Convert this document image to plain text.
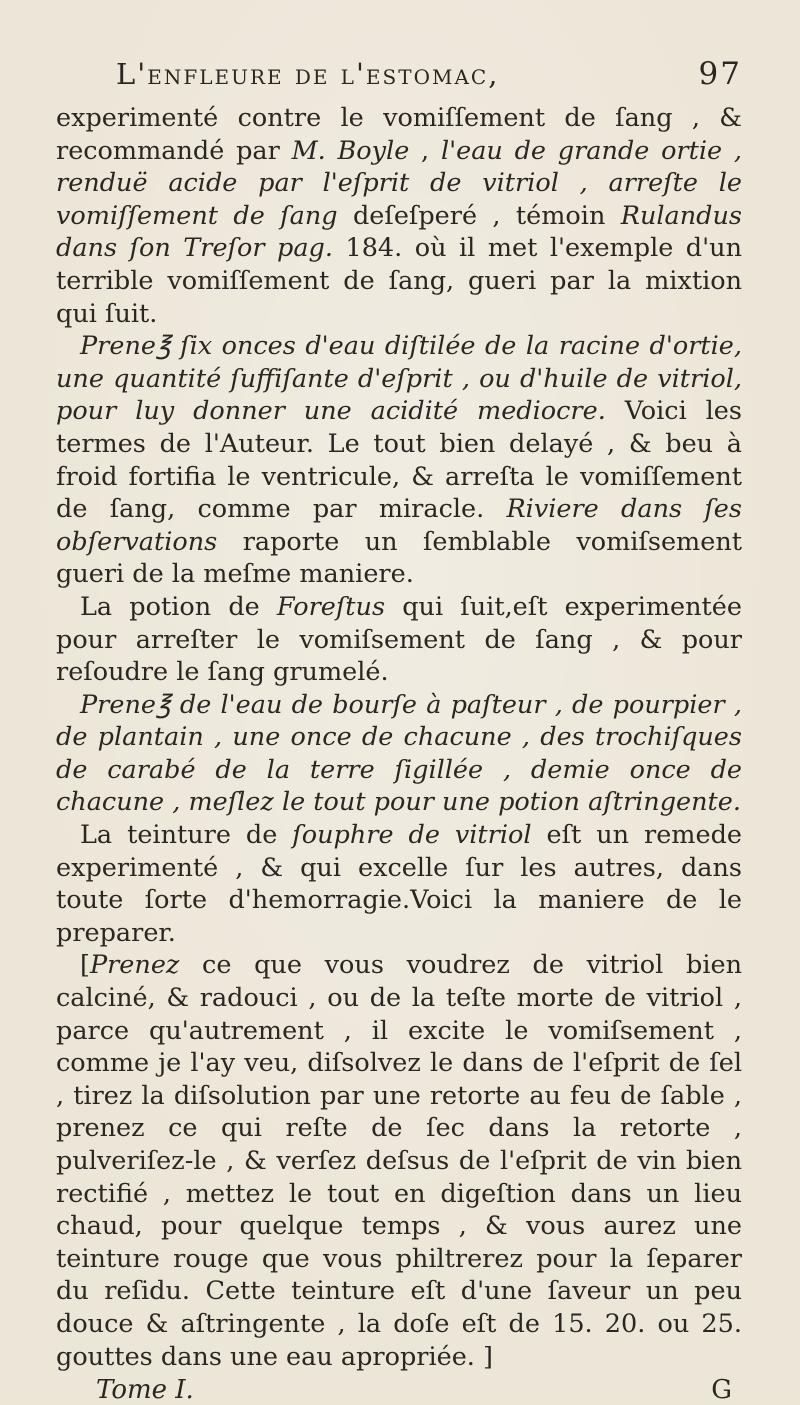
L'enfleure de l'estomac,	97

experimenté contre le vomiſſement de ſang , & recommandé par M. Boyle , l'eau de grande ortie , renduë acide par l'eſprit de vitriol , arreſte le vomiſſement de ſang deſeſperé , témoin Rulandus dans ſon Treſor pag. 184. où il met l'exemple d'un terrible vomiſſement de ſang, gueri par la mixtion qui ſuit.

Prene℥ ſix onces d'eau diſtilée de la racine d'ortie, une quantité ſuffiſante d'eſprit , ou d'huile de vitriol, pour luy donner une acidité mediocre. Voici les termes de l'Auteur. Le tout bien delayé , & beu à froid fortifia le ventricule, & arreſta le vomiſſement de ſang, comme par miracle. Riviere dans ſes obſervations raporte un ſemblable vomiſsement gueri de la meſme maniere.

La potion de Foreſtus qui ſuit,eſt experimentée pour arreſter le vomiſsement de ſang , & pour reſoudre le ſang grumelé.

Prene℥ de l'eau de bourſe à paſteur , de pourpier , de plantain , une once de chacune , des trochiſques de carabé de la terre ſigillée , demie once de chacune , meſlez le tout pour une potion aſtringente.

La teinture de ſouphre de vitriol eſt un remede experimenté , & qui excelle ſur les autres, dans toute ſorte d'hemorragie.Voici la maniere de le preparer.

[Prenez ce que vous voudrez de vitriol bien calciné, & radouci , ou de la teſte morte de vitriol , parce qu'autrement , il excite le vomiſsement , comme je l'ay veu, diſsolvez le dans de l'eſprit de ſel , tirez la diſsolution par une retorte au feu de ſable , prenez ce qui reſte de ſec dans la retorte , pulveriſez-le , & verſez deſsus de l'eſprit de vin bien rectifié , mettez le tout en digeſtion dans un lieu chaud, pour quelque temps , & vous aurez une teinture rouge que vous philtrerez pour la ſeparer du reſidu. Cette teinture eſt d'une ſaveur un peu douce & aſtringente , la doſe eſt de 15. 20. ou 25. gouttes dans une eau apropriée. ]

Tome I.	G
